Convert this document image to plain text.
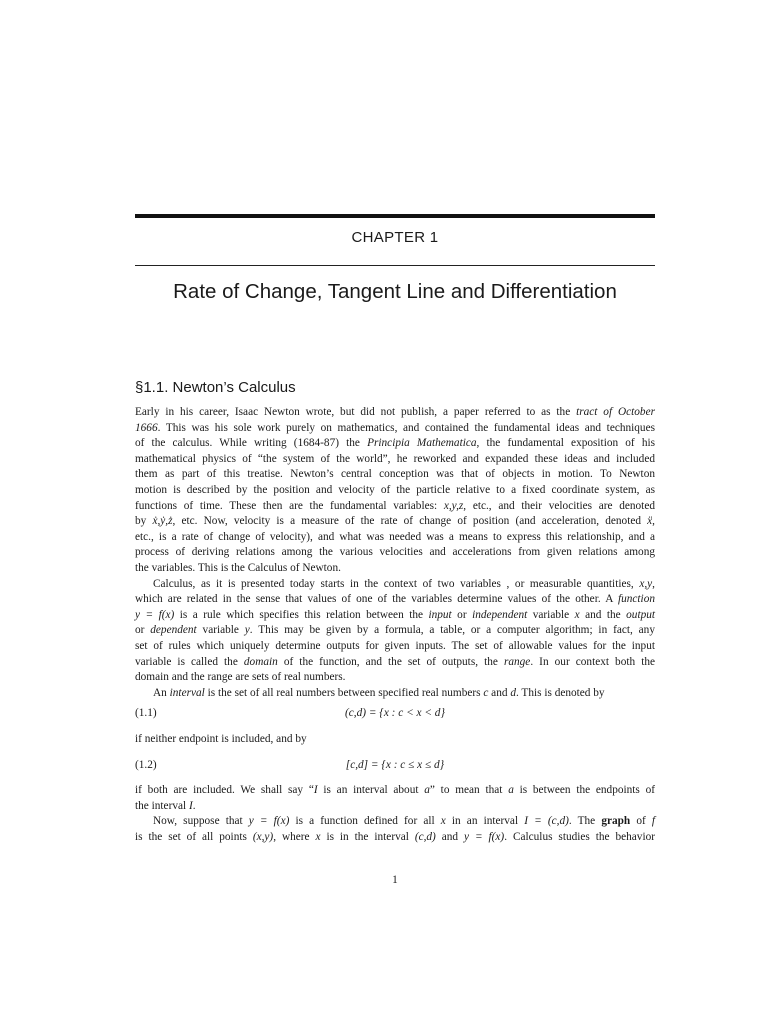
CHAPTER 1
Rate of Change, Tangent Line and Differentiation
§1.1. Newton’s Calculus
Early in his career, Isaac Newton wrote, but did not publish, a paper referred to as the tract of October
1666. This was his sole work purely on mathematics, and contained the fundamental ideas and techniques
of the calculus. While writing (1684-87) the Principia Mathematica, the fundamental exposition of his
mathematical physics of “the system of the world”, he reworked and expanded these ideas and included
them as part of this treatise. Newton’s central conception was that of objects in motion. To Newton
motion is described by the position and velocity of the particle relative to a fixed coordinate system, as
functions of time. These then are the fundamental variables: x,y,z, etc., and their velocities are denoted
by ẋ,ẏ,ż, etc. Now, velocity is a measure of the rate of change of position (and acceleration, denoted ẍ,
etc., is a rate of change of velocity), and what was needed was a means to express this relationship, and a
process of deriving relations among the various velocities and accelerations from given relations among
the variables. This is the Calculus of Newton.
Calculus, as it is presented today starts in the context of two variables , or measurable quantities, x,y,
which are related in the sense that values of one of the variables determine values of the other. A function
y = f(x) is a rule which specifies this relation between the input or independent variable x and the output
or dependent variable y. This may be given by a formula, a table, or a computer algorithm; in fact, any
set of rules which uniquely determine outputs for given inputs. The set of allowable values for the input
variable is called the domain of the function, and the set of outputs, the range. In our context both the
domain and the range are sets of real numbers.
An interval is the set of all real numbers between specified real numbers c and d. This is denoted by
(c,d) = {x : c < x < d}
(1.1)
if neither endpoint is included, and by
[c,d] = {x : c ≤ x ≤ d}
(1.2)
if both are included. We shall say “I is an interval about a” to mean that a is between the endpoints of
the interval I.
Now, suppose that y = f(x) is a function defined for all x in an interval I = (c,d). The graph of f
is the set of all points (x,y), where x is in the interval (c,d) and y = f(x). Calculus studies the behavior
1
